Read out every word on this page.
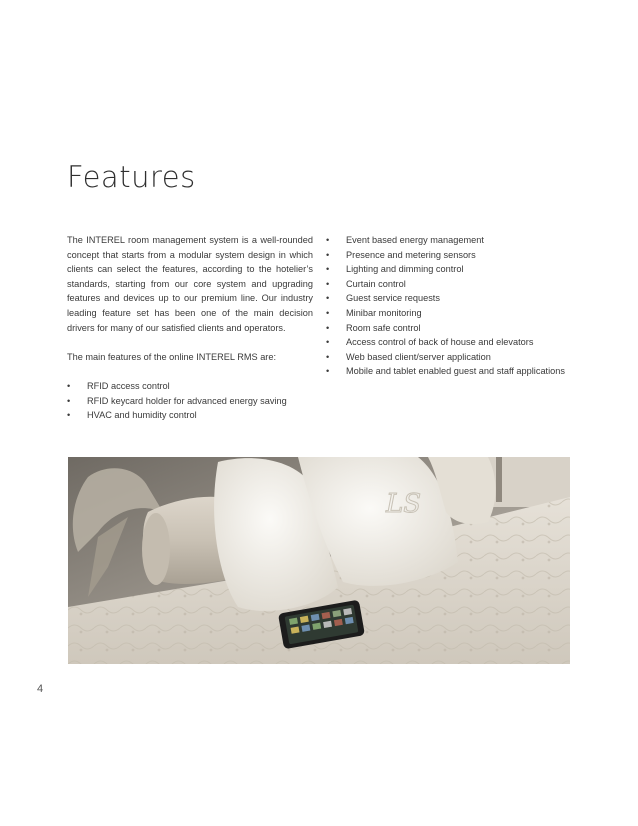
Features

The INTEREL room management system is a well-rounded concept that starts from a modular system design in which clients can select the features, according to the hotelier’s standards, starting from our core system and upgrading features and devices up to our premium line. Our industry leading feature set has been one of the main decision drivers for many of our satisfied clients and operators.

The main features of the online INTEREL RMS are:

• RFID access control
• RFID keycard holder for advanced energy saving
• HVAC and humidity control
• Event based energy management
• Presence and metering sensors
• Lighting and dimming control
• Curtain control
• Guest service requests
• Minibar monitoring
• Room safe control
• Access control of back of house and elevators
• Web based client/server application
• Mobile and tablet enabled guest and staff applications
LS
4
